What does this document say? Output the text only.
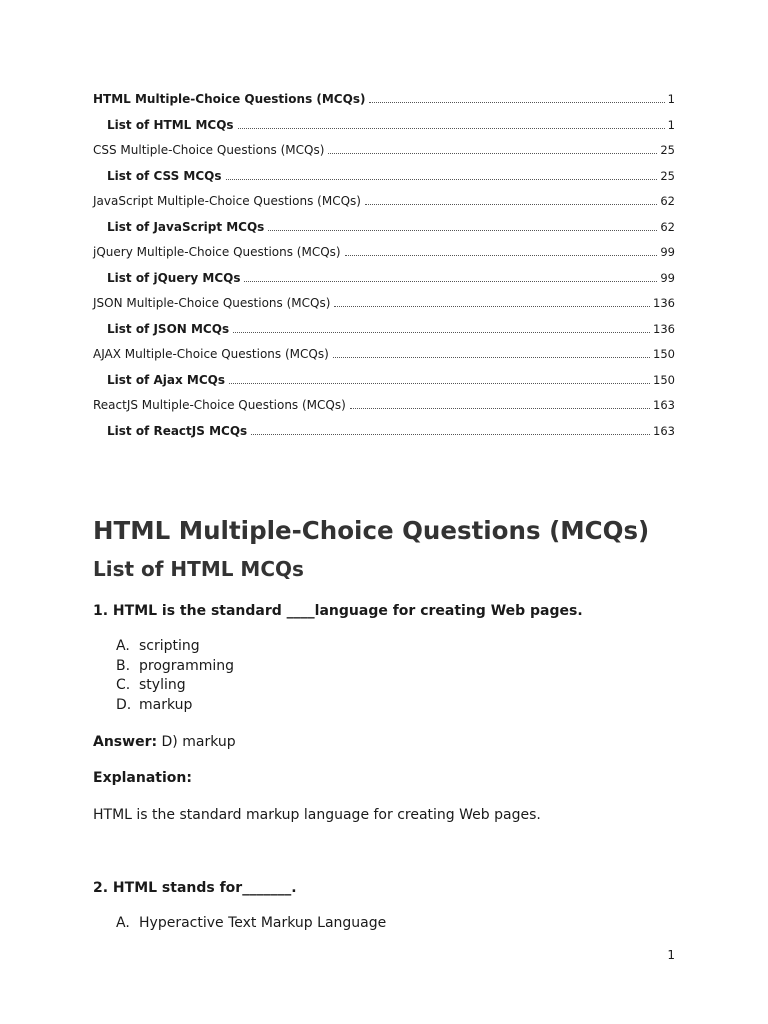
HTML Multiple-Choice Questions (MCQs)	1
List of HTML MCQs	1
CSS Multiple-Choice Questions (MCQs)	25
List of CSS MCQs	25
JavaScript Multiple-Choice Questions (MCQs)	62
List of JavaScript MCQs	62
jQuery Multiple-Choice Questions (MCQs)	99
List of jQuery MCQs	99
JSON Multiple-Choice Questions (MCQs)	136
List of JSON MCQs	136
AJAX Multiple-Choice Questions (MCQs)	150
List of Ajax MCQs	150
ReactJS Multiple-Choice Questions (MCQs)	163
List of ReactJS MCQs	163
HTML Multiple-Choice Questions (MCQs)
List of HTML MCQs

1. HTML is the standard ____language for creating Web pages.

A. scripting
B. programming
C. styling
D. markup

Answer: D) markup

Explanation:

HTML is the standard markup language for creating Web pages.

2. HTML stands for_______.

A. Hyperactive Text Markup Language
1
